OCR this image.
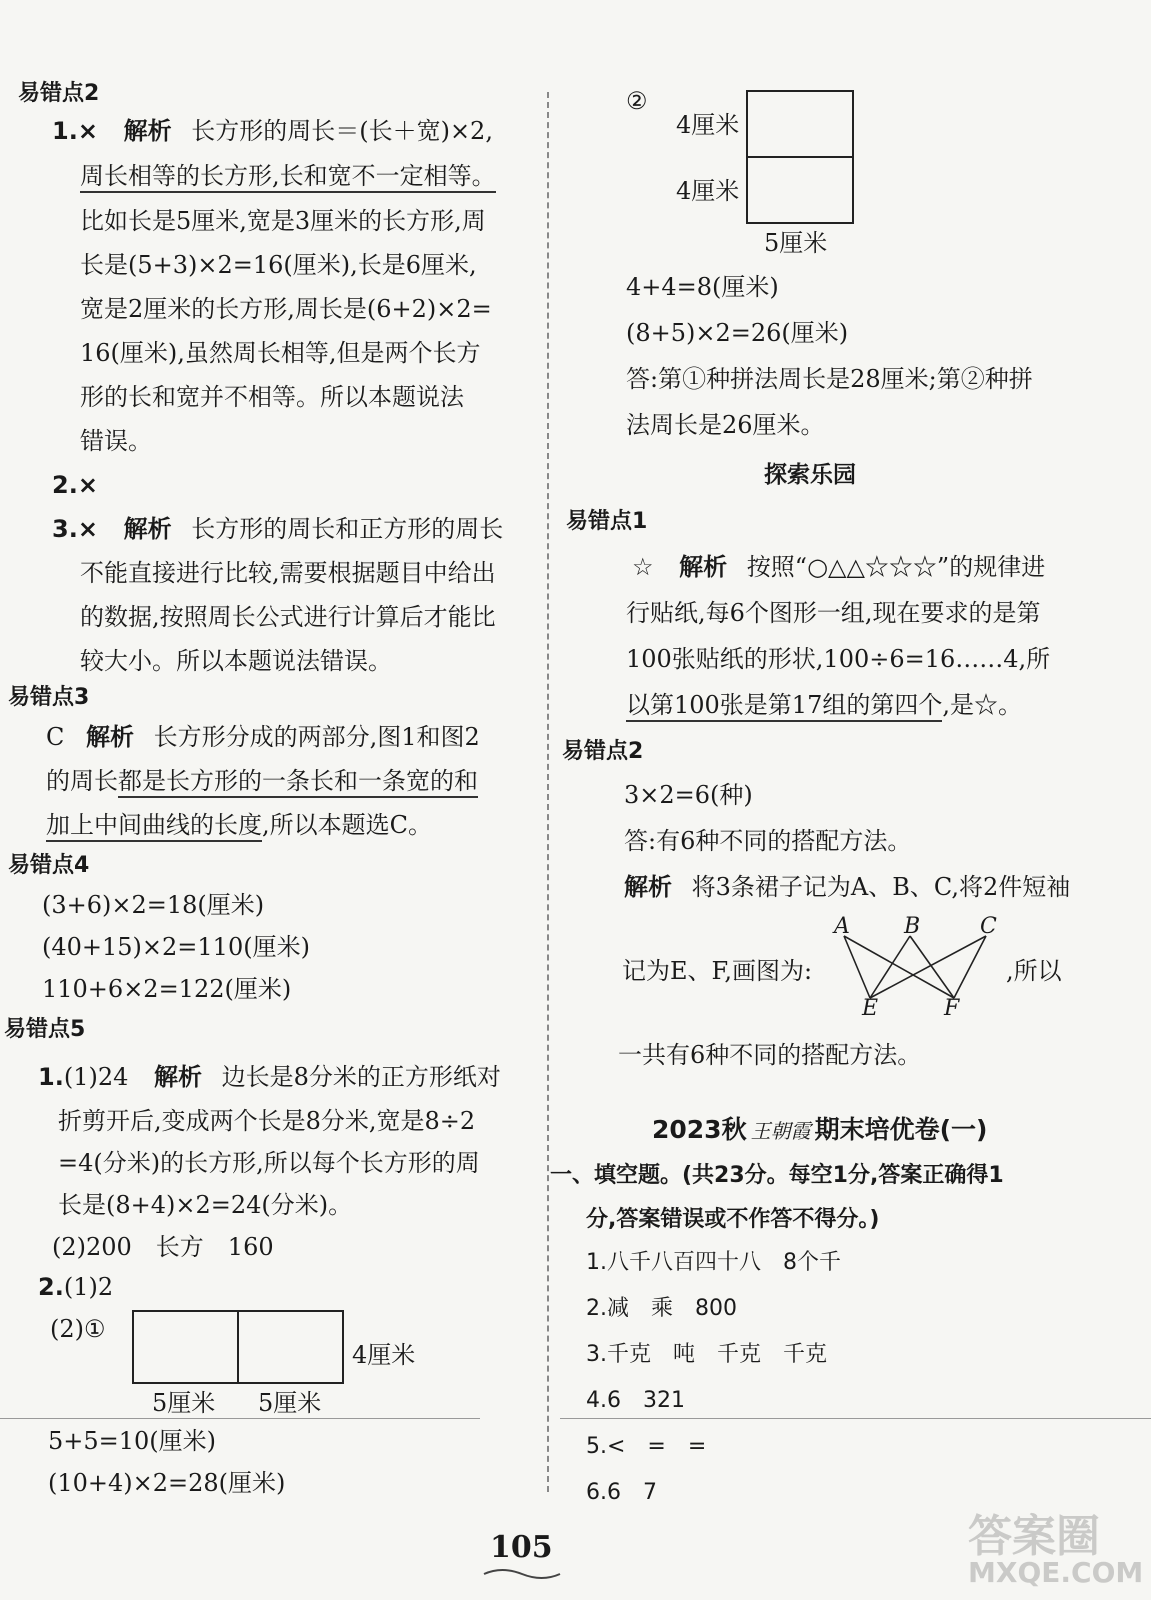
易错点2
1.× 解析 长方形的周长＝(长＋宽)×2,
周长相等的长方形,长和宽不一定相等。
比如长是5厘米,宽是3厘米的长方形,周
长是(5+3)×2=16(厘米),长是6厘米,
宽是2厘米的长方形,周长是(6+2)×2=
16(厘米),虽然周长相等,但是两个长方
形的长和宽并不相等。所以本题说法
错误。
2.×
3.× 解析 长方形的周长和正方形的周长
不能直接进行比较,需要根据题目中给出
的数据,按照周长公式进行计算后才能比
较大小。所以本题说法错误。
易错点3
C 解析 长方形分成的两部分,图1和图2
的周长都是长方形的一条长和一条宽的和
加上中间曲线的长度,所以本题选C。
易错点4
(3+6)×2=18(厘米)
(40+15)×2=110(厘米)
110+6×2=122(厘米)
易错点5
1.(1)24 解析 边长是8分米的正方形纸对
折剪开后,变成两个长是8分米,宽是8÷2
=4(分米)的长方形,所以每个长方形的周
长是(8+4)×2=24(分米)。
(2)200　长方　160
2.(1)2
(2)①
5厘米 5厘米
4厘米
5+5=10(厘米)
(10+4)×2=28(厘米)
②
4厘米
4厘米
5厘米
4+4=8(厘米)
(8+5)×2=26(厘米)
答:第①种拼法周长是28厘米;第②种拼
法周长是26厘米。
探索乐园
易错点1
☆ 解析 按照“○△△☆☆☆”的规律进
行贴纸,每6个图形一组,现在要求的是第
100张贴纸的形状,100÷6=16……4,所
以第100张是第17组的第四个,是☆。
易错点2
3×2=6(种)
答:有6种不同的搭配方法。
解析 将3条裙子记为A、B、C,将2件短袖
记为E、F,画图为:	,所以
A B	C
E	F
一共有6种不同的搭配方法。
2023秋 王朝霞 期末培优卷(一)
一、填空题。(共23分。每空1分,答案正确得1
分,答案错误或不作答不得分。)
1.八千八百四十八　8个千
2.减　乘　800
3.千克　吨　千克　千克
4.6　321
5.<　=　=
6.6　7
105	答案圈
MXQE.COM
